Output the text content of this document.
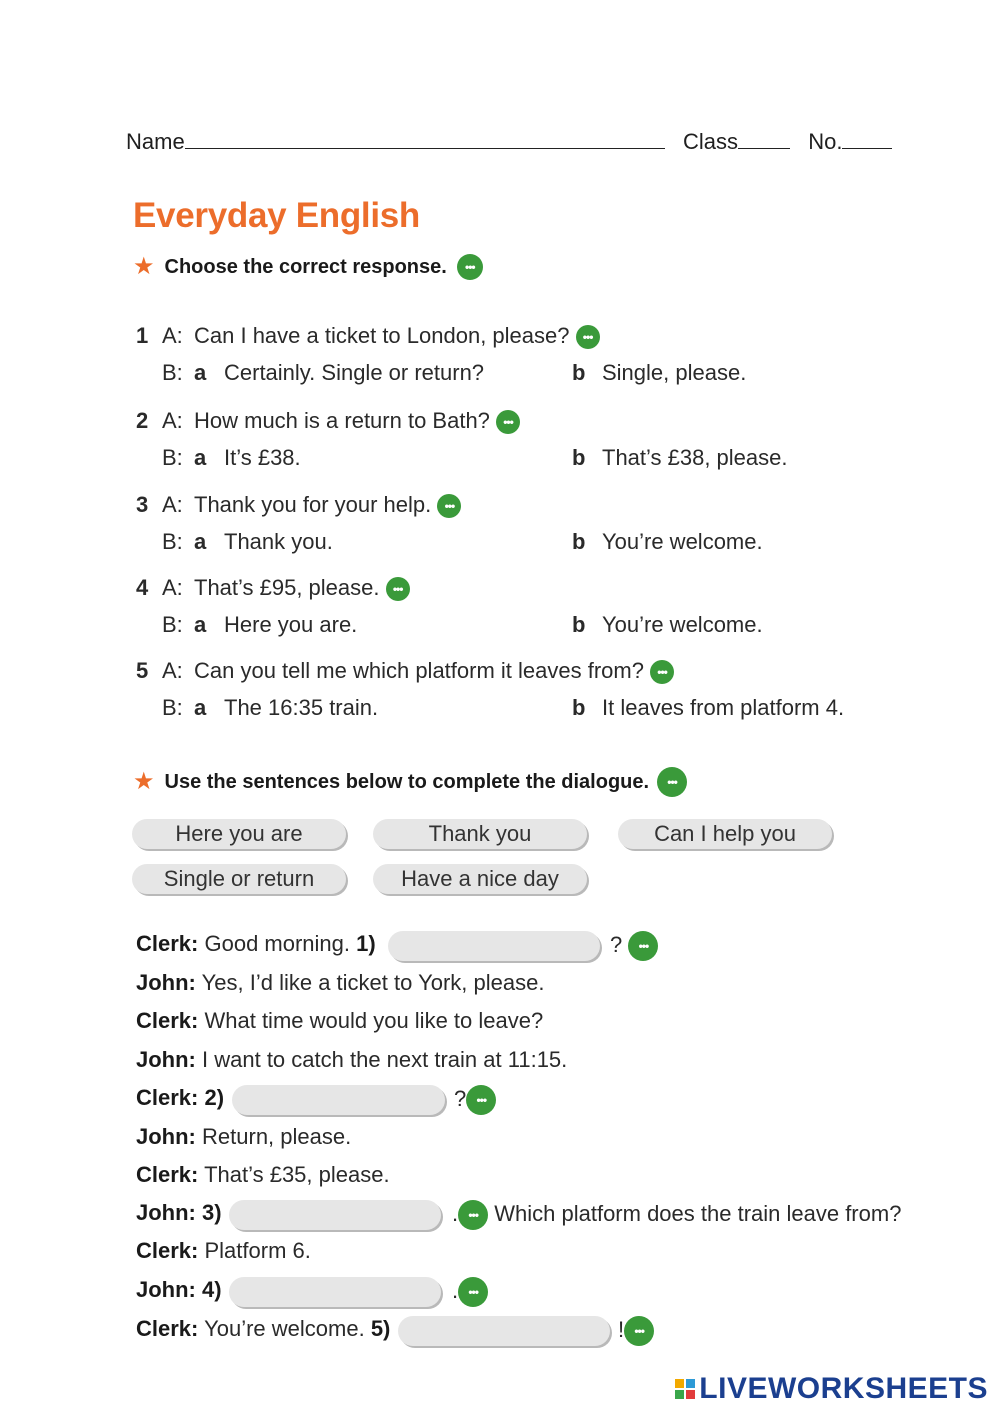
Name	Class	No.
Everyday English
★ Choose the correct response.	•••
1 A: Can I have a ticket to London, please? •••
B: a Certainly. Single or return?	b Single, please.
2 A: How much is a return to Bath? •••
B: a It’s £38.	b That’s £38, please.
3 A: Thank you for your help. •••
B: a Thank you.	b You’re welcome.
4 A: That’s £95, please. •••
B: a Here you are.	b You’re welcome.
5 A: Can you tell me which platform it leaves from? •••
B: a The 16:35 train.	b It leaves from platform 4.
★ Use the sentences below to complete the dialogue.	•••
Here you are	Thank you	Can I help you
Single or return	Have a nice day
Clerk: Good morning. 1)	? •••
John: Yes, I’d like a ticket to York, please.
Clerk: What time would you like to leave?
John: I want to catch the next train at 11:15.
Clerk: 2)	? •••
John: Return, please.
Clerk: That’s £35, please.
John: 3)	. ••• Which platform does the train leave from?
Clerk: Platform 6.
John: 4)	. •••
Clerk: You’re welcome. 5)	! •••
LIVEWORKSHEETS
